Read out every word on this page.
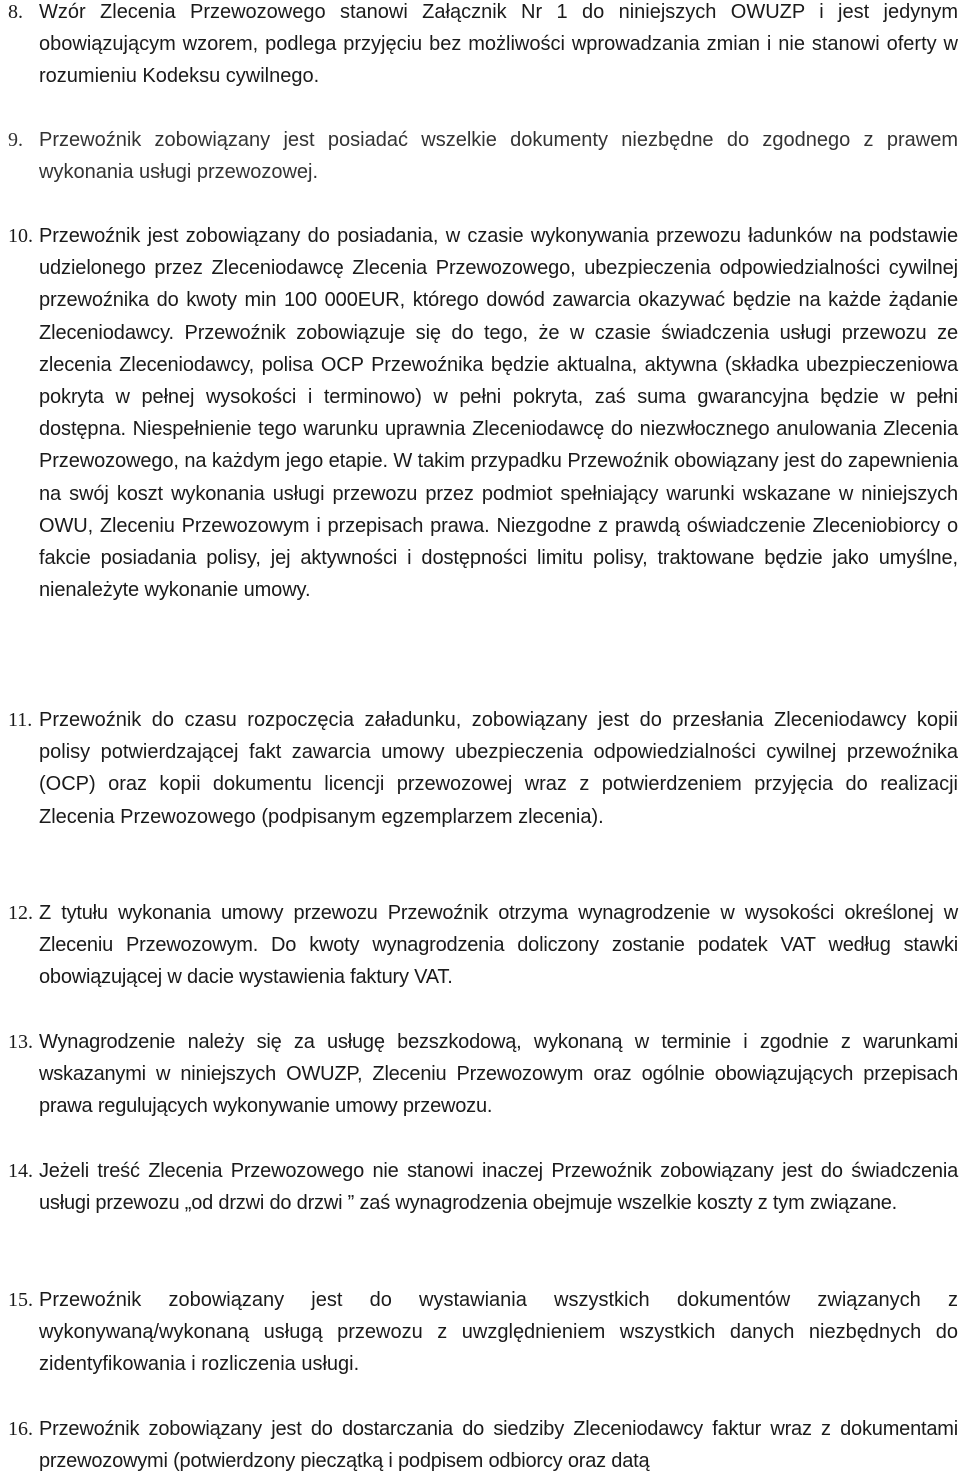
8. Wzór Zlecenia Przewozowego stanowi Załącznik Nr 1 do niniejszych OWUZP i jest jedynym obowiązującym wzorem, podlega przyjęciu bez możliwości wprowadzania zmian i nie stanowi oferty w rozumieniu Kodeksu cywilnego.
9. Przewoźnik zobowiązany jest posiadać wszelkie dokumenty niezbędne do zgodnego z prawem wykonania usługi przewozowej.
10. Przewoźnik jest zobowiązany do posiadania, w czasie wykonywania przewozu ładunków na podstawie udzielonego przez Zleceniodawcę Zlecenia Przewozowego, ubezpieczenia odpowiedzialności cywilnej przewoźnika do kwoty min 100 000EUR, którego dowód zawarcia okazywać będzie na każde żądanie Zleceniodawcy. Przewoźnik zobowiązuje się do tego, że w czasie świadczenia usługi przewozu ze zlecenia Zleceniodawcy, polisa OCP Przewoźnika będzie aktualna, aktywna (składka ubezpieczeniowa pokryta w pełnej wysokości i terminowo) w pełni pokryta, zaś suma gwarancyjna będzie w pełni dostępna. Niespełnienie tego warunku uprawnia Zleceniodawcę do niezwłocznego anulowania Zlecenia Przewozowego, na każdym jego etapie. W takim przypadku Przewoźnik obowiązany jest do zapewnienia na swój koszt wykonania usługi przewozu przez podmiot spełniający warunki wskazane w niniejszych OWU, Zleceniu Przewozowym i przepisach prawa. Niezgodne z prawdą oświadczenie Zleceniobiorcy o fakcie posiadania polisy, jej aktywności i dostępności limitu polisy, traktowane będzie jako umyślne, nienależyte wykonanie umowy.
11. Przewoźnik do czasu rozpoczęcia załadunku, zobowiązany jest do przesłania Zleceniodawcy kopii polisy potwierdzającej fakt zawarcia umowy ubezpieczenia odpowiedzialności cywilnej przewoźnika (OCP) oraz kopii dokumentu licencji przewozowej wraz z potwierdzeniem przyjęcia do realizacji Zlecenia Przewozowego (podpisanym egzemplarzem zlecenia).
12. Z tytułu wykonania umowy przewozu Przewoźnik otrzyma wynagrodzenie w wysokości określonej w Zleceniu Przewozowym. Do kwoty wynagrodzenia doliczony zostanie podatek VAT według stawki obowiązującej w dacie wystawienia faktury VAT.
13. Wynagrodzenie należy się za usługę bezszkodową, wykonaną w terminie i zgodnie z warunkami wskazanymi w niniejszych OWUZP, Zleceniu Przewozowym oraz ogólnie obowiązujących przepisach prawa regulujących wykonywanie umowy przewozu.
14. Jeżeli treść Zlecenia Przewozowego nie stanowi inaczej Przewoźnik zobowiązany jest do świadczenia usługi przewozu „od drzwi do drzwi ” zaś wynagrodzenia obejmuje wszelkie koszty z tym związane.
15. Przewoźnik zobowiązany jest do wystawiania wszystkich dokumentów związanych z wykonywaną/wykonaną usługą przewozu z uwzględnieniem wszystkich danych niezbędnych do zidentyfikowania i rozliczenia usługi.
16. Przewoźnik zobowiązany jest do dostarczania do siedziby Zleceniodawcy faktur wraz z dokumentami przewozowymi (potwierdzony pieczątką i podpisem odbiorcy oraz datą
